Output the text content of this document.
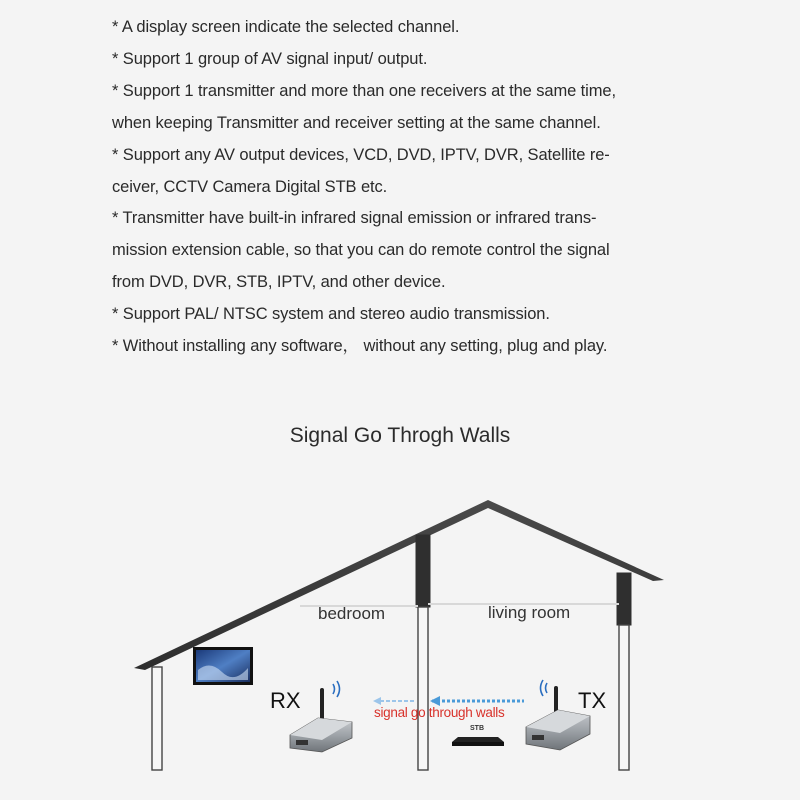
* A display screen indicate the selected channel.
* Support 1 group of AV signal input/ output.
* Support 1 transmitter and more than one receivers at the same time,
when keeping Transmitter and receiver setting at the same channel.
* Support any AV output devices, VCD, DVD, IPTV, DVR, Satellite re-
ceiver, CCTV Camera Digital STB etc.
* Transmitter have built-in infrared signal emission or infrared trans-
mission extension cable, so that you can do remote control the signal
from DVD, DVR, STB, IPTV, and other device.
* Support PAL/ NTSC system and stereo audio transmission.
* Without installing any software， without any setting, plug and play.
Signal Go Throgh Walls
bedroom	living room
RX	TX
signal go through walls
STB
